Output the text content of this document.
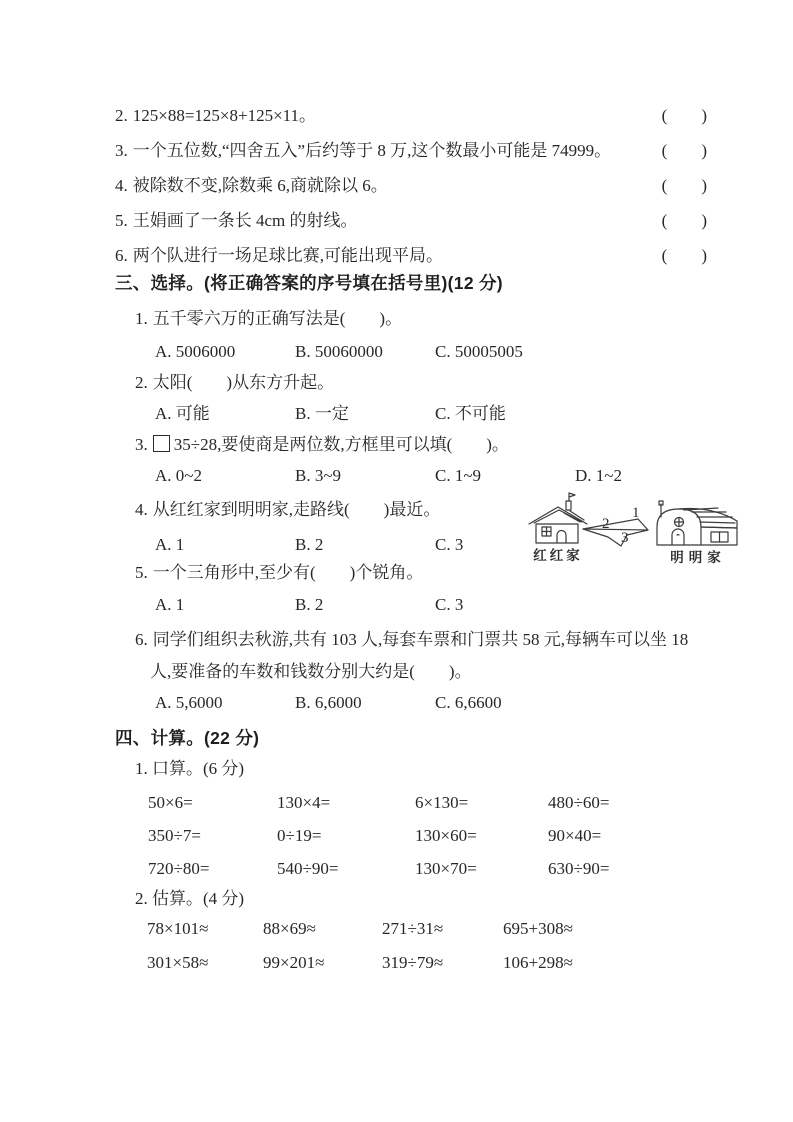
2. 125×88=125×8+125×11。	(　　)
3. 一个五位数,“四舍五入”后约等于 8 万,这个数最小可能是 74999。	(　　)
4. 被除数不变,除数乘 6,商就除以 6。	(　　)
5. 王娟画了一条长 4cm 的射线。	(　　)
6. 两个队进行一场足球比赛,可能出现平局。	(　　)
三、选择。(将正确答案的序号填在括号里)(12 分)
1. 五千零六万的正确写法是(　　)。
A. 5006000	B. 50060000	C. 50005005
2. 太阳(　　)从东方升起。
A. 可能	B. 一定	C. 不可能
3. 35÷28,要使商是两位数,方框里可以填(　　)。
A. 0~2	B. 3~9	C. 1~9	D. 1~2
4. 从红红家到明明家,走路线(　　)最近。
A. 1	B. 2	C. 3
5. 一个三角形中,至少有(　　)个锐角。
A. 1	B. 2	C. 3
6. 同学们组织去秋游,共有 103 人,每套车票和门票共 58 元,每辆车可以坐 18 人,要准备的车数和钱数分别大约是(　　)。
A. 5,6000	B. 6,6000	C. 6,6600
四、计算。(22 分)
1. 口算。(6 分)
50×6=	130×4=	6×130=	480÷60=
350÷7=	0÷19=	130×60=	90×40=
720÷80=	540÷90=	130×70=	630÷90=
2. 估算。(4 分)
78×101≈	88×69≈	271÷31≈	695+308≈
301×58≈	99×201≈	319÷79≈	106+298≈
2
1
3
红红家	明明家
